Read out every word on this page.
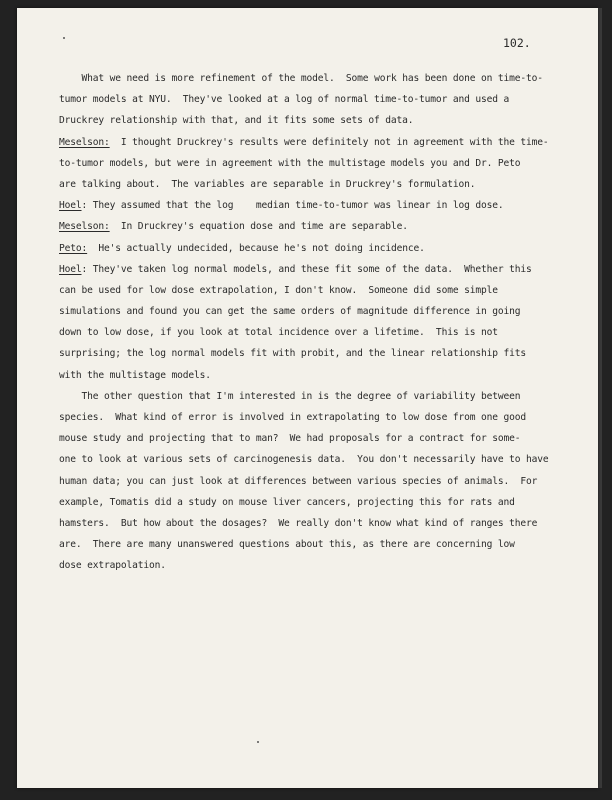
102.
What we need is more refinement of the model.  Some work has been done on time-to-
tumor models at NYU.  They've looked at a log of normal time-to-tumor and used a
Druckrey relationship with that, and it fits some sets of data.
Meselson:  I thought Druckrey's results were definitely not in agreement with the time-
to-tumor models, but were in agreement with the multistage models you and Dr. Peto
are talking about.  The variables are separable in Druckrey's formulation.
Hoel: They assumed that the log    median time-to-tumor was linear in log dose.
Meselson:  In Druckrey's equation dose and time are separable.
Peto:  He's actually undecided, because he's not doing incidence.
Hoel: They've taken log normal models, and these fit some of the data.  Whether this
can be used for low dose extrapolation, I don't know.  Someone did some simple
simulations and found you can get the same orders of magnitude difference in going
down to low dose, if you look at total incidence over a lifetime.  This is not
surprising; the log normal models fit with probit, and the linear relationship fits
with the multistage models.
The other question that I'm interested in is the degree of variability between
species.  What kind of error is involved in extrapolating to low dose from one good
mouse study and projecting that to man?  We had proposals for a contract for some-
one to look at various sets of carcinogenesis data.  You don't necessarily have to have
human data; you can just look at differences between various species of animals.  For
example, Tomatis did a study on mouse liver cancers, projecting this for rats and
hamsters.  But how about the dosages?  We really don't know what kind of ranges there
are.  There are many unanswered questions about this, as there are concerning low
dose extrapolation.
